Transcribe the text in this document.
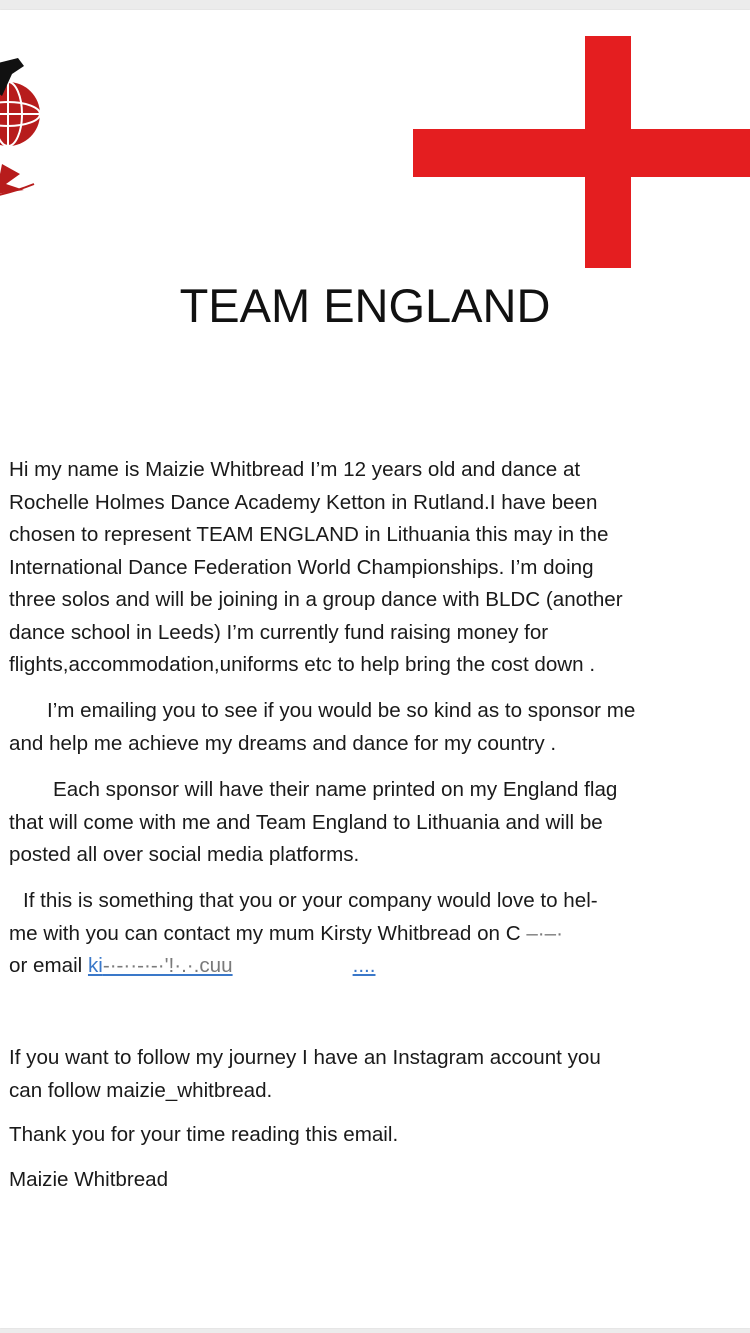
TEAM ENGLAND
Hi my name is Maizie Whitbread I’m 12 years old and dance at
Rochelle Holmes Dance Academy Ketton in Rutland.I have been
chosen to represent TEAM ENGLAND in Lithuania this may in the
International Dance Federation World Championships. I’m doing
three solos and will be joining in a group dance with BLDC (another
dance school in Leeds) I’m currently fund raising money for
flights,accommodation,uniforms etc to help bring the cost down .
I’m emailing you to see if you would be so kind as to sponsor me
and help me achieve my dreams and dance for my country .
Each sponsor will have their name printed on my England flag
that will come with me and Team England to Lithuania and will be
posted all over social media platforms.
If this is something that you or your company would love to hel-
me with you can contact my mum Kirsty Whitbread on C –·–·
or email ki-·-··-·-·'!·.·.cuu	....
If you want to follow my journey I have an Instagram account you
can follow maizie_whitbread.
Thank you for your time reading this email.
Maizie Whitbread
